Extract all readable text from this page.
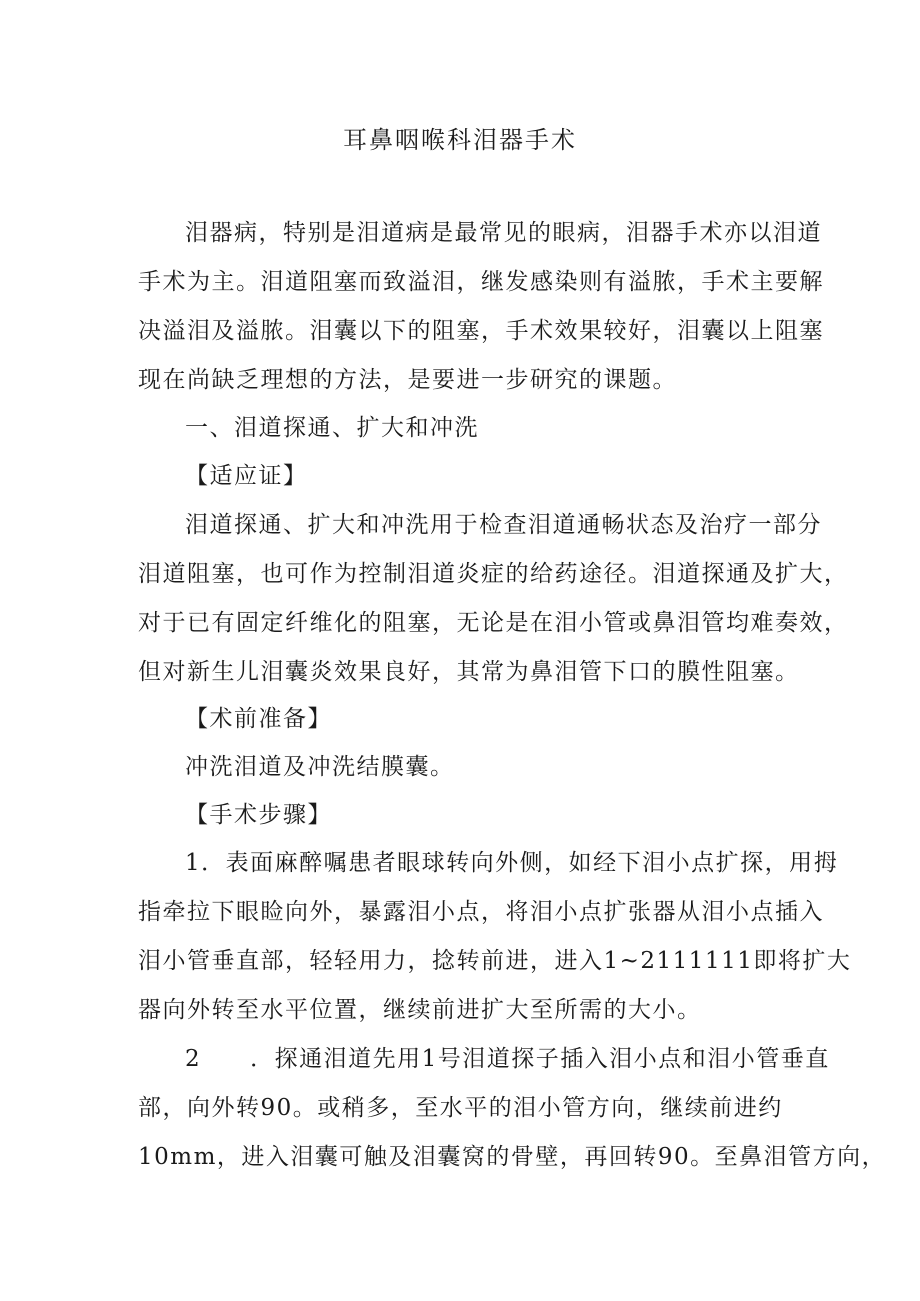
耳鼻咽喉科泪器手术
泪器病，特别是泪道病是最常见的眼病，泪器手术亦以泪道
手术为主。泪道阻塞而致溢泪，继发感染则有溢脓，手术主要解
决溢泪及溢脓。泪囊以下的阻塞，手术效果较好，泪囊以上阻塞
现在尚缺乏理想的方法，是要进一步研究的课题。
一、泪道探通、扩大和冲洗
【适应证】
泪道探通、扩大和冲洗用于检查泪道通畅状态及治疗一部分
泪道阻塞，也可作为控制泪道炎症的给药途径。泪道探通及扩大，
对于已有固定纤维化的阻塞，无论是在泪小管或鼻泪管均难奏效，
但对新生儿泪囊炎效果良好，其常为鼻泪管下口的膜性阻塞。
【术前准备】
冲洗泪道及冲洗结膜囊。
【手术步骤】
1．表面麻醉嘱患者眼球转向外侧，如经下泪小点扩探，用拇
指牵拉下眼睑向外，暴露泪小点，将泪小点扩张器从泪小点插入
泪小管垂直部，轻轻用力，捻转前进，进入1~2111111即将扩大
器向外转至水平位置，继续前进扩大至所需的大小。
2　　．探通泪道先用1号泪道探子插入泪小点和泪小管垂直
部，向外转90。或稍多，至水平的泪小管方向，继续前进约
10mm，进入泪囊可触及泪囊窝的骨壁，再回转90。至鼻泪管方向，
